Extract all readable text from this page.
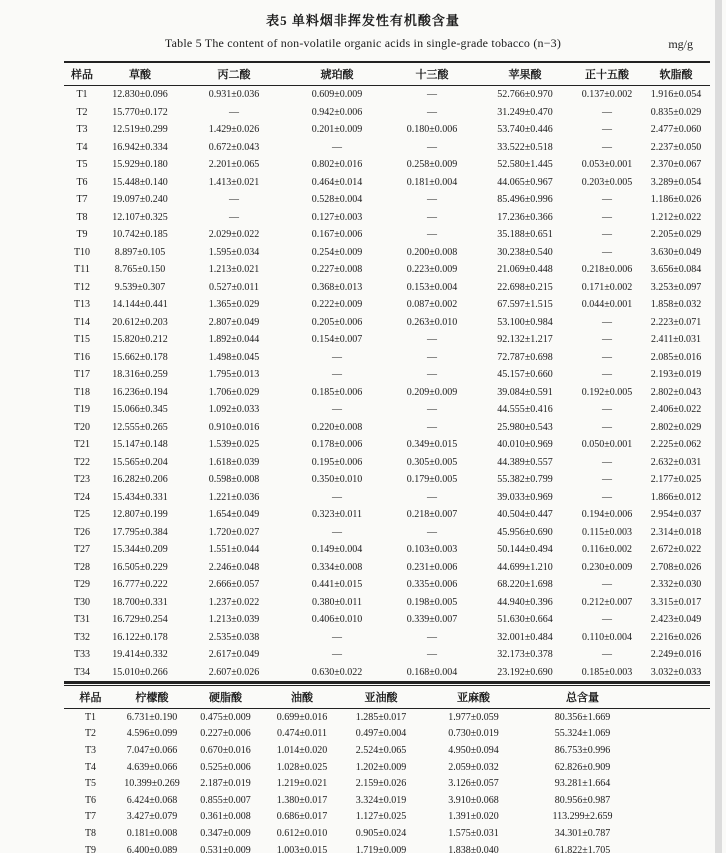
表5 单料烟非挥发性有机酸含量
Table 5 The content of non-volatile organic acids in single-grade tobacco (n−3)	mg/g
样品	草酸	丙二酸	琥珀酸	十三酸	苹果酸	正十五酸	软脂酸
T1	12.830±0.096	0.931±0.036	0.609±0.009	—	52.766±0.970	0.137±0.002	1.916±0.054
T2	15.770±0.172	—	0.942±0.006	—	31.249±0.470	—	0.835±0.029
T3	12.519±0.299	1.429±0.026	0.201±0.009	0.180±0.006	53.740±0.446	—	2.477±0.060
T4	16.942±0.334	0.672±0.043	—	—	33.522±0.518	—	2.237±0.050
T5	15.929±0.180	2.201±0.065	0.802±0.016	0.258±0.009	52.580±1.445	0.053±0.001	2.370±0.067
T6	15.448±0.140	1.413±0.021	0.464±0.014	0.181±0.004	44.065±0.967	0.203±0.005	3.289±0.054
T7	19.097±0.240	—	0.528±0.004	—	85.496±0.996	—	1.186±0.026
T8	12.107±0.325	—	0.127±0.003	—	17.236±0.366	—	1.212±0.022
T9	10.742±0.185	2.029±0.022	0.167±0.006	—	35.188±0.651	—	2.205±0.029
T10	8.897±0.105	1.595±0.034	0.254±0.009	0.200±0.008	30.238±0.540	—	3.630±0.049
T11	8.765±0.150	1.213±0.021	0.227±0.008	0.223±0.009	21.069±0.448	0.218±0.006	3.656±0.084
T12	9.539±0.307	0.527±0.011	0.368±0.013	0.153±0.004	22.698±0.215	0.171±0.002	3.253±0.097
T13	14.144±0.441	1.365±0.029	0.222±0.009	0.087±0.002	67.597±1.515	0.044±0.001	1.858±0.032
T14	20.612±0.203	2.807±0.049	0.205±0.006	0.263±0.010	53.100±0.984	—	2.223±0.071
T15	15.820±0.212	1.892±0.044	0.154±0.007	—	92.132±1.217	—	2.411±0.031
T16	15.662±0.178	1.498±0.045	—	—	72.787±0.698	—	2.085±0.016
T17	18.316±0.259	1.795±0.013	—	—	45.157±0.660	—	2.193±0.019
T18	16.236±0.194	1.706±0.029	0.185±0.006	0.209±0.009	39.084±0.591	0.192±0.005	2.802±0.043
T19	15.066±0.345	1.092±0.033	—	—	44.555±0.416	—	2.406±0.022
T20	12.555±0.265	0.910±0.016	0.220±0.008	—	25.980±0.543	—	2.802±0.029
T21	15.147±0.148	1.539±0.025	0.178±0.006	0.349±0.015	40.010±0.969	0.050±0.001	2.225±0.062
T22	15.565±0.204	1.618±0.039	0.195±0.006	0.305±0.005	44.389±0.557	—	2.632±0.031
T23	16.282±0.206	0.598±0.008	0.350±0.010	0.179±0.005	55.382±0.799	—	2.177±0.025
T24	15.434±0.331	1.221±0.036	—	—	39.033±0.969	—	1.866±0.012
T25	12.807±0.199	1.654±0.049	0.323±0.011	0.218±0.007	40.504±0.447	0.194±0.006	2.954±0.037
T26	17.795±0.384	1.720±0.027	—	—	45.956±0.690	0.115±0.003	2.314±0.018
T27	15.344±0.209	1.551±0.044	0.149±0.004	0.103±0.003	50.144±0.494	0.116±0.002	2.672±0.022
T28	16.505±0.229	2.246±0.048	0.334±0.008	0.231±0.006	44.699±1.210	0.230±0.009	2.708±0.026
T29	16.777±0.222	2.666±0.057	0.441±0.015	0.335±0.006	68.220±1.698	—	2.332±0.030
T30	18.700±0.331	1.237±0.022	0.380±0.011	0.198±0.005	44.940±0.396	0.212±0.007	3.315±0.017
T31	16.729±0.254	1.213±0.039	0.406±0.010	0.339±0.007	51.630±0.664	—	2.423±0.049
T32	16.122±0.178	2.535±0.038	—	—	32.001±0.484	0.110±0.004	2.216±0.026
T33	19.414±0.332	2.617±0.049	—	—	32.173±0.378	—	2.249±0.016
T34	15.010±0.266	2.607±0.026	0.630±0.022	0.168±0.004	23.192±0.690	0.185±0.003	3.032±0.033
样品	柠檬酸	硬脂酸	油酸	亚油酸	亚麻酸	总含量
T1	6.731±0.190	0.475±0.009	0.699±0.016	1.285±0.017	1.977±0.059	80.356±1.669
T2	4.596±0.099	0.227±0.006	0.474±0.011	0.497±0.004	0.730±0.019	55.324±1.069
T3	7.047±0.066	0.670±0.016	1.014±0.020	2.524±0.065	4.950±0.094	86.753±0.996
T4	4.639±0.066	0.525±0.006	1.028±0.025	1.202±0.009	2.059±0.032	62.826±0.909
T5	10.399±0.269	2.187±0.019	1.219±0.021	2.159±0.026	3.126±0.057	93.281±1.664
T6	6.424±0.068	0.855±0.007	1.380±0.017	3.324±0.019	3.910±0.068	80.956±0.987
T7	3.427±0.079	0.361±0.008	0.686±0.017	1.127±0.025	1.391±0.020	113.299±2.659
T8	0.181±0.008	0.347±0.009	0.612±0.010	0.905±0.024	1.575±0.031	34.301±0.787
T9	6.400±0.089	0.531±0.009	1.003±0.015	1.719±0.009	1.838±0.040	61.822±1.705
